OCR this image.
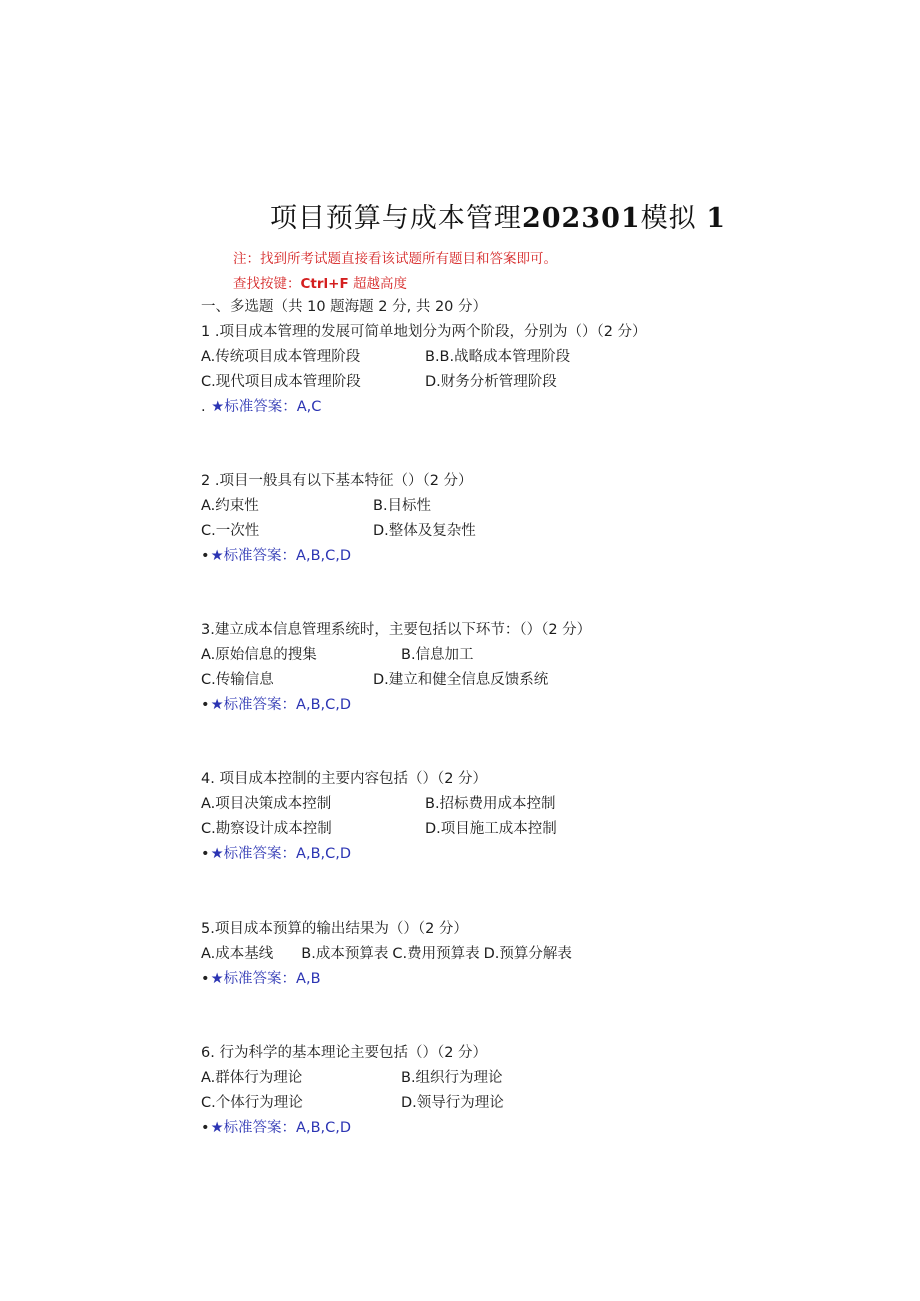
项目预算与成本管理202301模拟 1
注：找到所考试题直接看该试题所有题目和答案即可。
查找按键：Ctrl+F 超越高度
一、多选题（共 10 题海题 2 分, 共 20 分）
1 .项目成本管理的发展可简单地划分为两个阶段，分别为（）（2 分）
A.传统项目成本管理阶段	B.B.战略成本管理阶段
C.现代项目成本管理阶段	D.财务分析管理阶段
. ★标准答案：A,C
2 .项目一般具有以下基本特征（）（2 分）
A.约束性	B.目标性
C.一次性	D.整体及复杂性
•★标准答案：A,B,C,D
3.建立成本信息管理系统时，主要包括以下环节：（）（2 分）
A.原始信息的搜集	B.信息加工
C.传输信息	D.建立和健全信息反馈系统
•★标准答案：A,B,C,D
4. 项目成本控制的主要内容包括（）（2 分）
A.项目决策成本控制	B.招标费用成本控制
C.勘察设计成本控制	D.项目施工成本控制
•★标准答案：A,B,C,D
5.项目成本预算的输出结果为（）（2 分）
A.成本基线 B.成本预算表 C.费用预算表 D.预算分解表
•★标准答案：A,B
6. 行为科学的基本理论主要包括（）（2 分）
A.群体行为理论	B.组织行为理论
C.个体行为理论	D.领导行为理论
•★标准答案：A,B,C,D
